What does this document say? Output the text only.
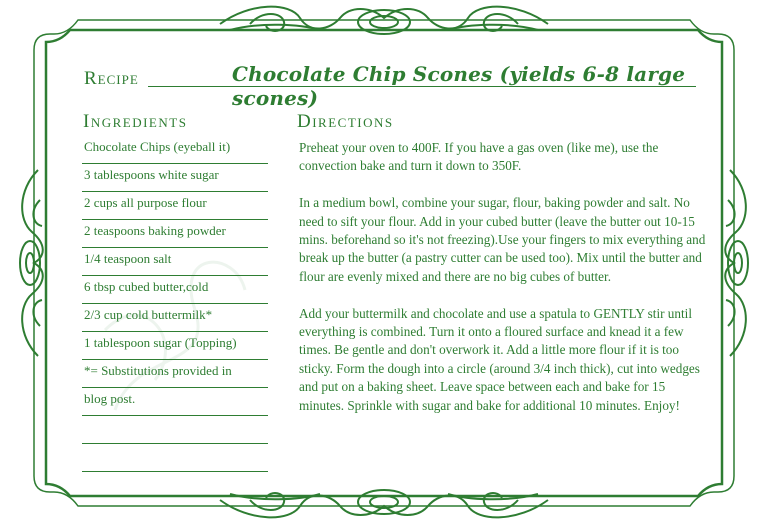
Recipe	Chocolate Chip Scones (yields 6-8 large scones)
Ingredients
Chocolate Chips (eyeball it)
3 tablespoons white sugar
2 cups all purpose flour
2 teaspoons baking powder
1/4 teaspoon salt
6 tbsp cubed butter,cold
2/3 cup cold buttermilk*
1 tablespoon sugar (Topping)
*= Substitutions provided in
blog post.
Directions

Preheat your oven to 400F. If you have a gas oven (like me), use the convection bake and turn it down to 350F.

In a medium bowl, combine your sugar, flour, baking powder and salt. No need to sift your flour. Add in your cubed butter (leave the butter out 10-15 mins. beforehand so it's not freezing).Use your fingers to mix everything and break up the butter (a pastry cutter can be used too). Mix until the butter and flour are evenly mixed and there are no big cubes of butter.

Add your buttermilk and chocolate and use a spatula to GENTLY stir until everything is combined. Turn it onto a floured surface and knead it a few times. Be gentle and don't overwork it. Add a little more flour if it is too sticky. Form the dough into a circle (around 3/4 inch thick), cut into wedges and put on a baking sheet. Leave space between each and bake for 15 minutes. Sprinkle with sugar and bake for additional 10 minutes. Enjoy!
